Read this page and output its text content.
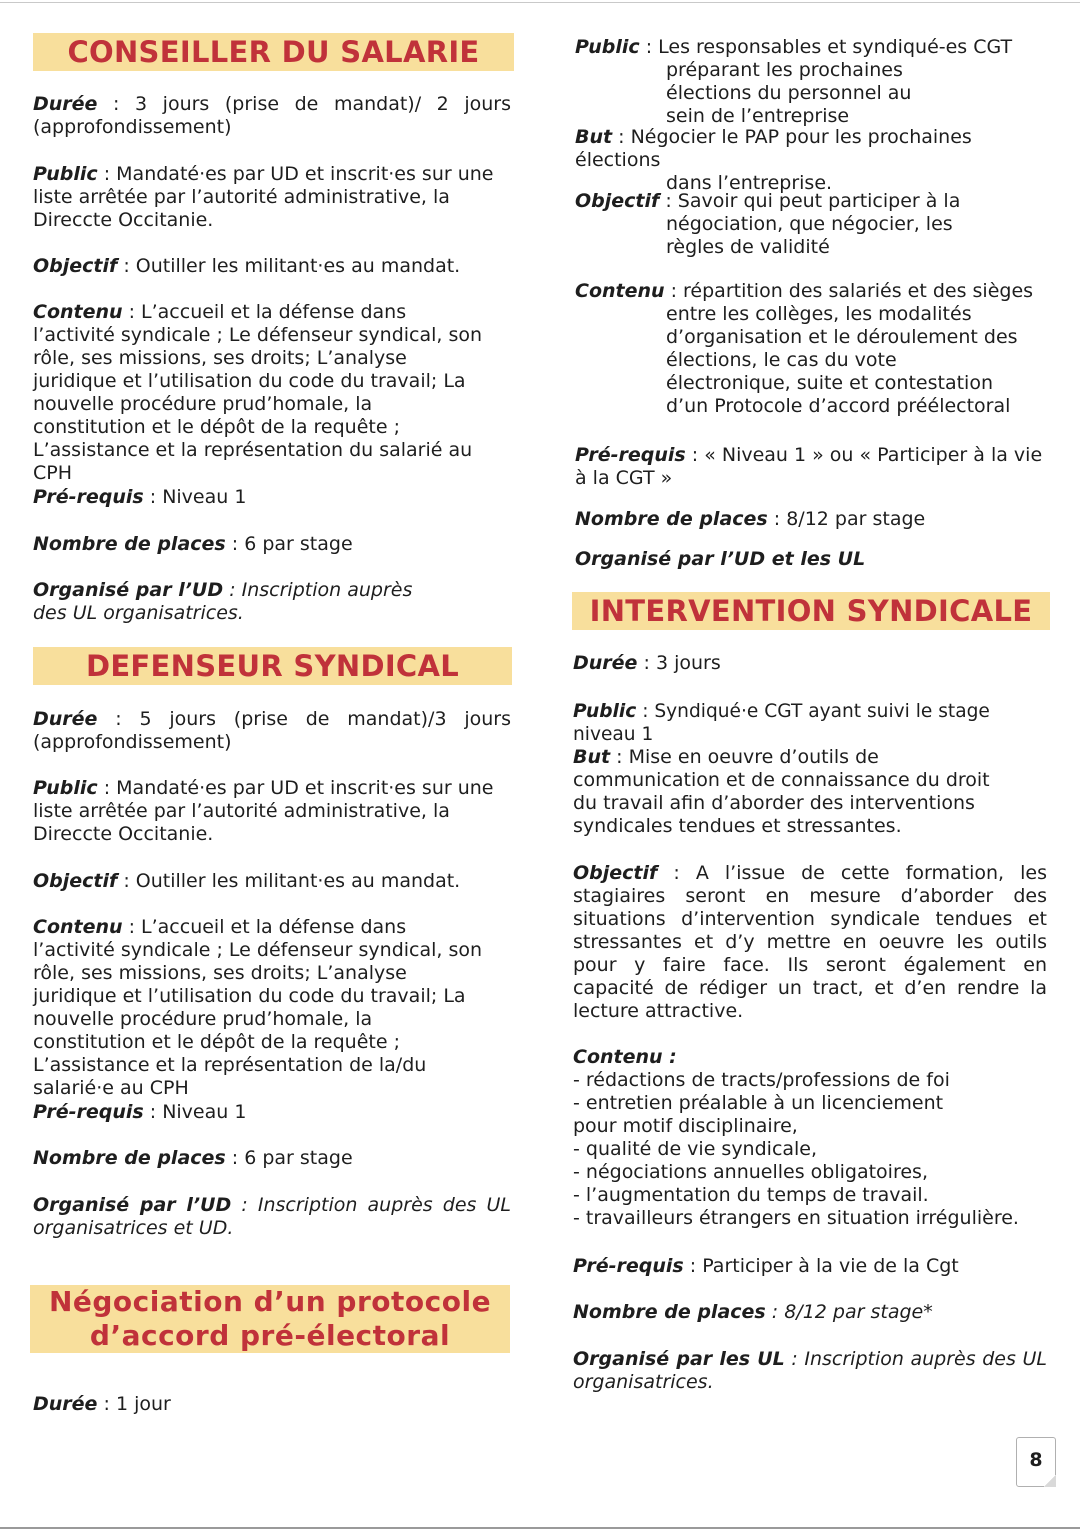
CONSEILLER DU SALARIE
Durée : 3 jours (prise de mandat)/ 2 jours (approfondissement)
Public : Mandaté·es par UD et inscrit·es sur une liste arrêtée par l’autorité administrative, la Direccte Occitanie.
Objectif : Outiller les militant·es au mandat.
Contenu : L’accueil et la défense dans l’activité syndicale ; Le défenseur syndical, son rôle, ses missions, ses droits; L’analyse juridique et l’utilisation du code du travail; La nouvelle procédure prud’homale, la constitution et le dépôt de la requête ; L’assistance et la représentation du salarié au CPH
Pré-requis : Niveau 1
Nombre de places : 6 par stage
Organisé par l’UD : Inscription auprès des UL organisatrices.
DEFENSEUR SYNDICAL
Durée : 5 jours (prise de mandat)/3 jours (approfondissement)
Public : Mandaté·es par UD et inscrit·es sur une liste arrêtée par l’autorité administrative, la Direccte Occitanie.
Objectif : Outiller les militant·es au mandat.
Contenu : L’accueil et la défense dans l’activité syndicale ; Le défenseur syndical, son rôle, ses missions, ses droits; L’analyse juridique et l’utilisation du code du travail; La nouvelle procédure prud’homale, la constitution et le dépôt de la requête ; L’assistance et la représentation de la/du salarié·e au CPH
Pré-requis : Niveau 1
Nombre de places : 6 par stage
Organisé par l’UD : Inscription auprès des UL organisatrices et UD.
Négociation d’un protocole
d’accord pré-électoral
Durée : 1 jour
Public : Les responsables et syndiqué-es CGT
préparant les prochaines élections du personnel au sein de l’entreprise
But : Négocier le PAP pour les prochaines élections
dans l’entreprise.
Objectif : Savoir qui peut participer à la
négociation, que négocier, les règles de validité
Contenu : répartition des salariés et des sièges
entre les collèges, les modalités d’organisation et le déroulement des élections, le cas du vote électronique, suite et contestation d’un Protocole d’accord préélectoral
Pré-requis : « Niveau 1 » ou « Participer à la vie à la CGT »
Nombre de places : 8/12 par stage
Organisé par l’UD et les UL
INTERVENTION SYNDICALE
Durée : 3 jours
Public : Syndiqué·e CGT ayant suivi le stage niveau 1
But : Mise en oeuvre d’outils de communication et de connaissance du droit du travail afin d’aborder des interventions syndicales tendues et stressantes.
Objectif : A l’issue de cette formation, les stagiaires seront en mesure d’aborder des situations d’intervention syndicale tendues et stressantes et d’y mettre en oeuvre les outils pour y faire face. Ils seront également en capacité de rédiger un tract, et d’en rendre la lecture attractive.
Contenu :
- rédactions de tracts/professions de foi
- entretien préalable à un licenciement
pour motif disciplinaire,
- qualité de vie syndicale,
- négociations annuelles obligatoires,
- l’augmentation du temps de travail.
- travailleurs étrangers en situation irrégulière.
Pré-requis : Participer à la vie de la Cgt
Nombre de places : 8/12 par stage*
Organisé par les UL : Inscription auprès des UL organisatrices.
8
